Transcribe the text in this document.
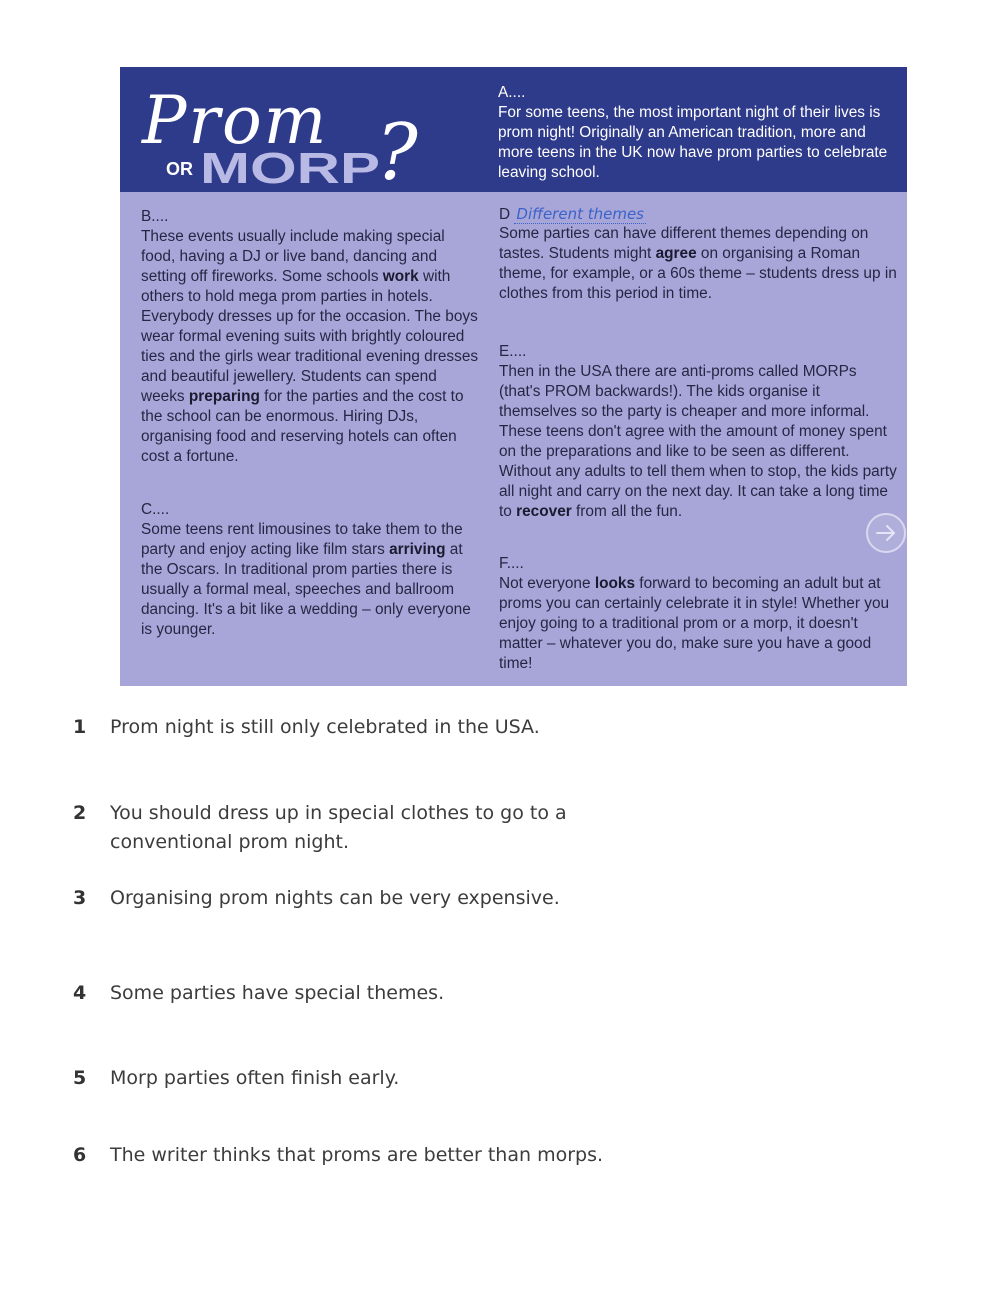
Prom
OR MORP
?
A....
For some teens, the most important night of their lives is prom night! Originally an American tradition, more and more teens in the UK now have prom parties to celebrate leaving school.
B....
These events usually include making special food, having a DJ or live band, dancing and setting off fireworks. Some schools work with others to hold mega prom parties in hotels. Everybody dresses up for the occasion. The boys wear formal evening suits with brightly coloured ties and the girls wear traditional evening dresses and beautiful jewellery. Students can spend weeks preparing for the parties and the cost to the school can be enormous. Hiring DJs, organising food and reserving hotels can often cost a fortune.
C....
Some teens rent limousines to take them to the party and enjoy acting like film stars arriving at the Oscars. In traditional prom parties there is usually a formal meal, speeches and ballroom dancing. It's a bit like a wedding – only everyone is younger.
D Different themes
Some parties can have different themes depending on tastes. Students might agree on organising a Roman theme, for example, or a 60s theme – students dress up in clothes from this period in time.
E....
Then in the USA there are anti-proms called MORPs (that's PROM backwards!). The kids organise it themselves so the party is cheaper and more informal. These teens don't agree with the amount of money spent on the preparations and like to be seen as different. Without any adults to tell them when to stop, the kids party all night and carry on the next day. It can take a long time to recover from all the fun.
F....
Not everyone looks forward to becoming an adult but at proms you can certainly celebrate it in style! Whether you enjoy going to a traditional prom or a morp, it doesn't matter – whatever you do, make sure you have a good time!
1 Prom night is still only celebrated in the USA.
2 You should dress up in special clothes to go to a conventional prom night.
3 Organising prom nights can be very expensive.
4 Some parties have special themes.
5 Morp parties often finish early.
6 The writer thinks that proms are better than morps.
